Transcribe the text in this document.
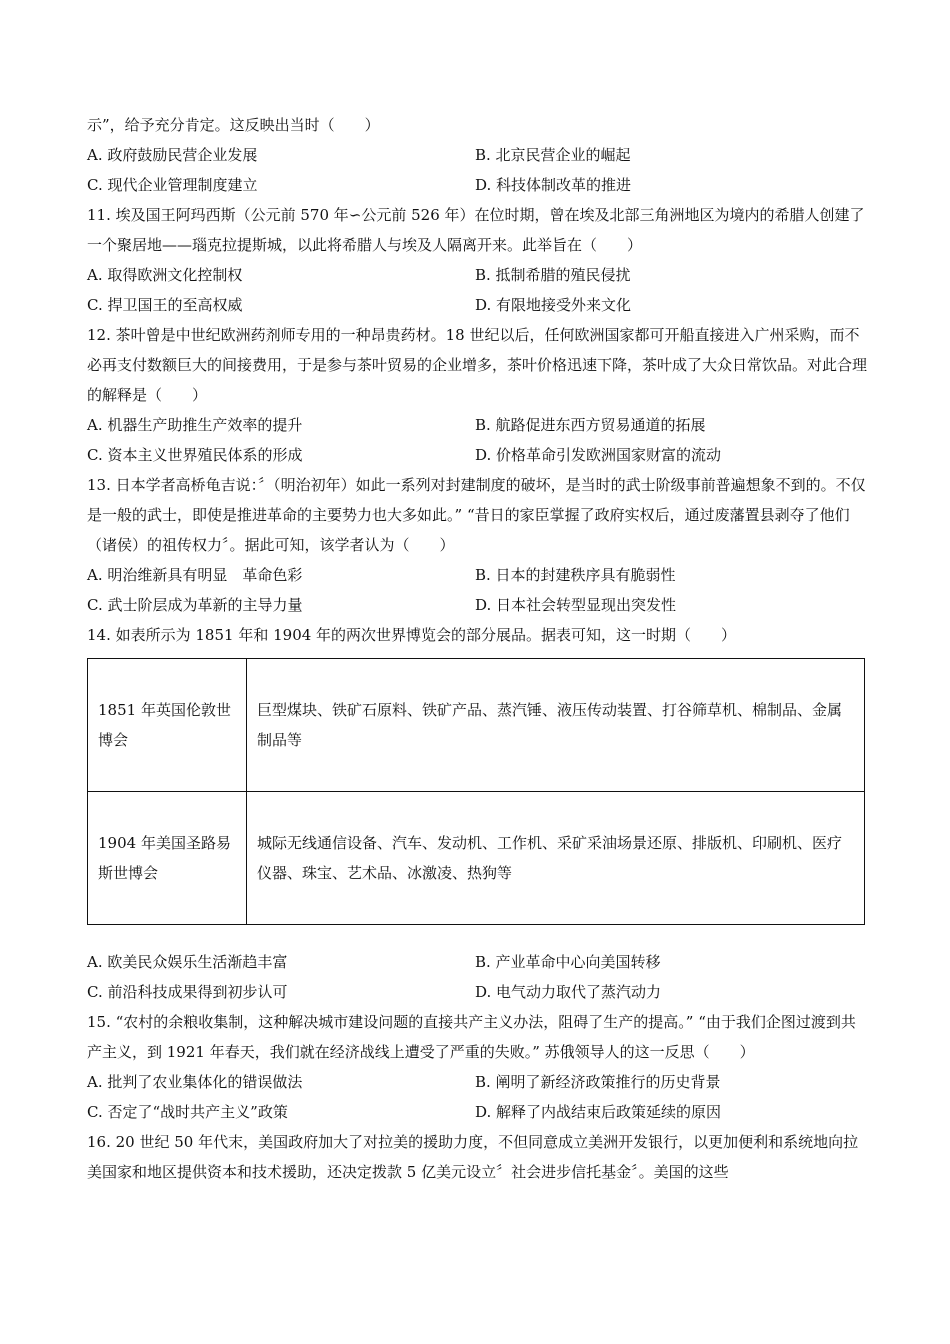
示”，给予充分肯定。这反映出当时（　　）
A. 政府鼓励民营企业发展	B. 北京民营企业的崛起
C. 现代企业管理制度建立	D. 科技体制改革的推进
11. 埃及国王阿玛西斯（公元前 570 年∽公元前 526 年）在位时期，曾在埃及北部三角洲地区为境内的希腊人创建了一个聚居地——瑙克拉提斯城，以此将希腊人与埃及人隔离开来。此举旨在（　　）
A. 取得欧洲文化控制权	B. 抵制希腊的殖民侵扰
C. 捍卫国王的至高权威	D. 有限地接受外来文化
12. 茶叶曾是中世纪欧洲药剂师专用的一种昂贵药材。18 世纪以后，任何欧洲国家都可开船直接进入广州采购，而不必再支付数额巨大的间接费用，于是参与茶叶贸易的企业增多，茶叶价格迅速下降，茶叶成了大众日常饮品。对此合理的解释是（　　）
A. 机器生产助推生产效率的提升	B. 航路促进东西方贸易通道的拓展
C. 资本主义世界殖民体系的形成	D. 价格革命引发欧洲国家财富的流动
13. 日本学者高桥龟吉说：〞（明治初年）如此一系列对封建制度的破坏，是当时的武士阶级事前普遍想象不到的。不仅是一般的武士，即使是推进革命的主要势力也大多如此。” “昔日的家臣掌握了政府实权后，通过废藩置县剥夺了他们（诸侯）的祖传权力〞。据此可知，该学者认为（　　）
A. 明治维新具有明显　革命色彩	B. 日本的封建秩序具有脆弱性
C. 武士阶层成为革新的主导力量	D. 日本社会转型显现出突发性
14. 如表所示为 1851 年和 1904 年的两次世界博览会的部分展品。据表可知，这一时期（　　）
1851 年英国伦敦世博会	巨型煤块、铁矿石原料、铁矿产品、蒸汽锤、液压传动装置、打谷筛草机、棉制品、金属制品等
1904 年美国圣路易斯世博会	城际无线通信设备、汽车、发动机、工作机、采矿采油场景还原、排版机、印刷机、医疗仪器、珠宝、艺术品、冰激凌、热狗等
A. 欧美民众娱乐生活渐趋丰富	B. 产业革命中心向美国转移
C. 前沿科技成果得到初步认可	D. 电气动力取代了蒸汽动力
15. “农村的余粮收集制，这种解决城市建设问题的直接共产主义办法，阻碍了生产的提高。” “由于我们企图过渡到共产主义，到 1921 年春天，我们就在经济战线上遭受了严重的失败。” 苏俄领导人的这一反思（　　）
A. 批判了农业集体化的错误做法	B. 阐明了新经济政策推行的历史背景
C. 否定了“战时共产主义”政策	D. 解释了内战结束后政策延续的原因
16. 20 世纪 50 年代末，美国政府加大了对拉美的援助力度，不但同意成立美洲开发银行，以更加便利和系统地向拉美国家和地区提供资本和技术援助，还决定拨款 5 亿美元设立〞社会进步信托基金〞。美国的这些
